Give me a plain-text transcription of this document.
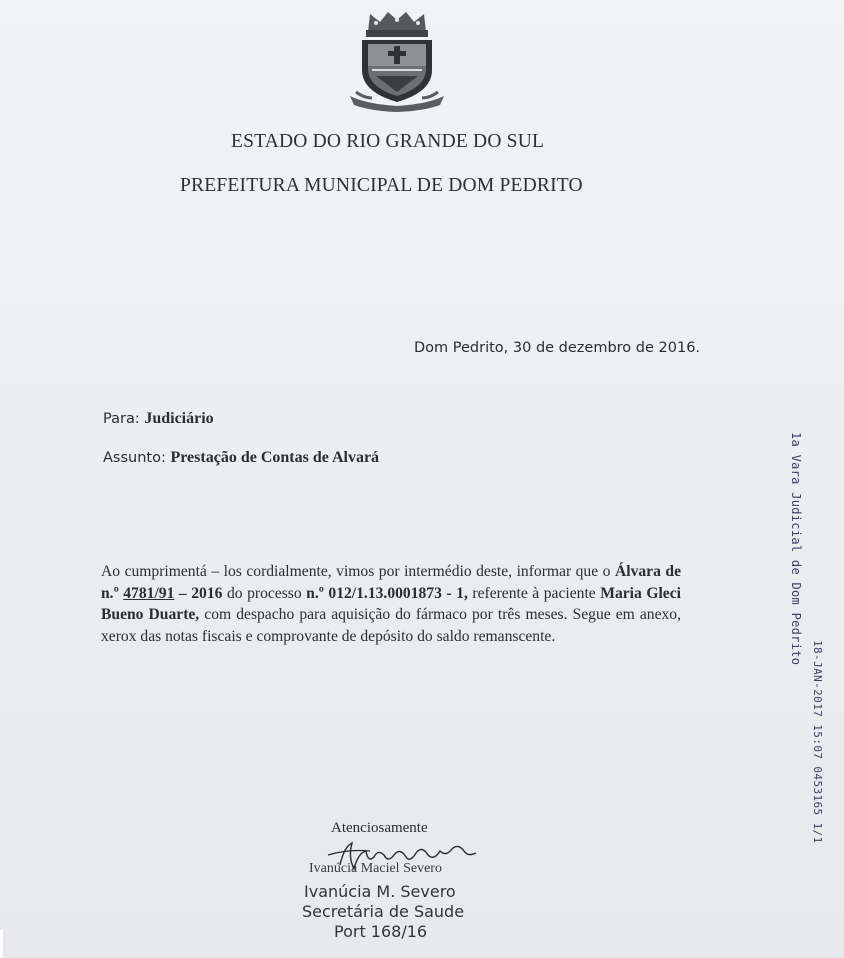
ESTADO DO RIO GRANDE DO SUL
PREFEITURA MUNICIPAL DE DOM PEDRITO
Dom Pedrito, 30 de dezembro de 2016.
Para: Judiciário
Assunto: Prestação de Contas de Alvará
Ao cumprimentá – los cordialmente, vimos por intermédio deste, informar que o Álvara de n.º 4781/91 – 2016 do processo n.º 012/1.13.0001873 - 1, referente à paciente Maria Gleci Bueno Duarte, com despacho para aquisição do fármaco por três meses. Segue em anexo, xerox das notas fiscais e comprovante de depósito do saldo remanscente.	1a Vara Judicial de Dom Pedrito
18-JAN-2017 15:07 0453165 1/1
Atenciosamente
Ivanúcia Maciel Severo
Ivanúcia M. Severo
Secretária de Saude
Port 168/16
